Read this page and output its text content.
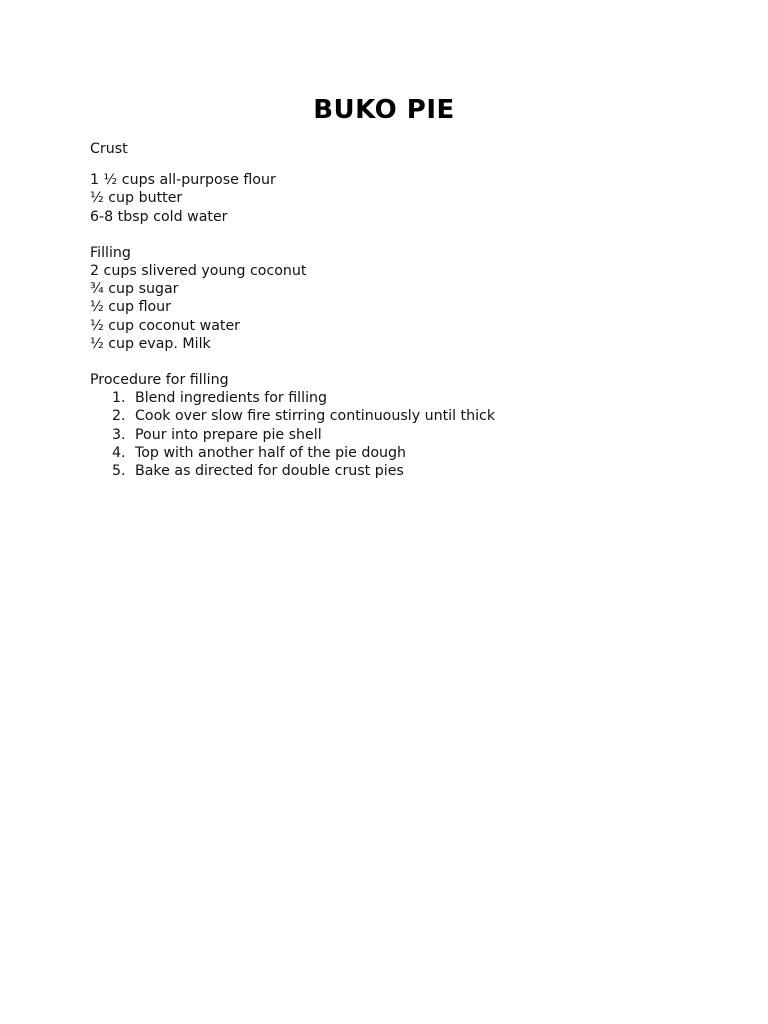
BUKO PIE
Crust
1 ½ cups all-purpose flour
½ cup butter
6-8 tbsp cold water
Filling
2 cups slivered young coconut
¾ cup sugar
½ cup flour
½ cup coconut water
½ cup evap. Milk
Procedure for filling
1. Blend ingredients for filling
2. Cook over slow fire stirring continuously until thick
3. Pour into prepare pie shell
4. Top with another half of the pie dough
5. Bake as directed for double crust pies
